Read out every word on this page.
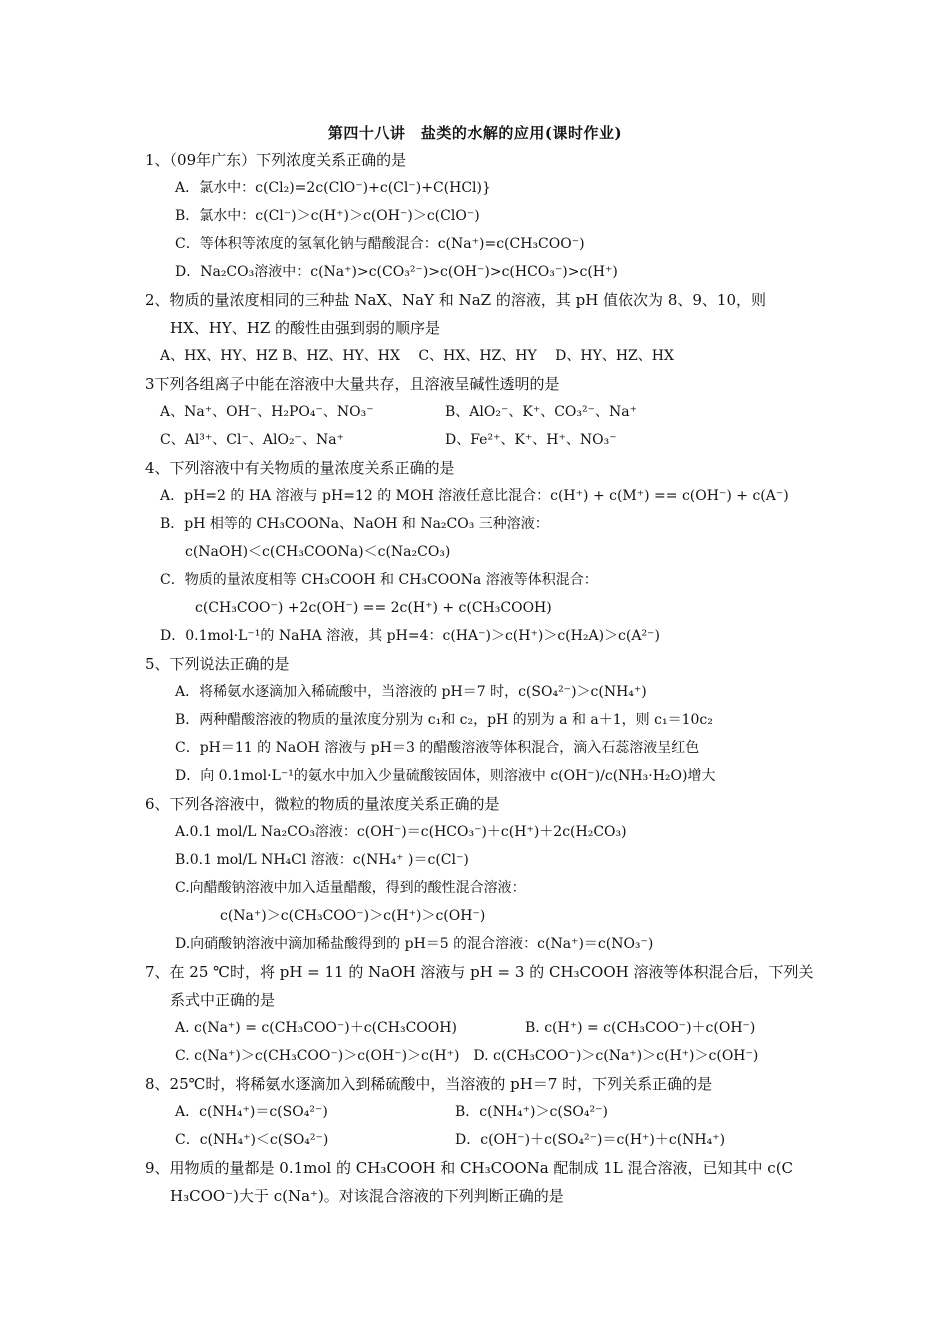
第四十八讲　盐类的水解的应用(课时作业)
1、（09年广东）下列浓度关系正确的是
A．氯水中：c(Cl₂)=2c(ClO⁻)+c(Cl⁻)+C(HCl)}
B．氯水中：c(Cl⁻)＞c(H⁺)＞c(OH⁻)＞c(ClO⁻)
C．等体积等浓度的氢氧化钠与醋酸混合：c(Na⁺)=c(CH₃COO⁻)
D．Na₂CO₃溶液中：c(Na⁺)>c(CO₃²⁻)>c(OH⁻)>c(HCO₃⁻)>c(H⁺)
2、物质的量浓度相同的三种盐 NaX、NaY 和 NaZ 的溶液，其 pH 值依次为 8、9、10，则
HX、HY、HZ 的酸性由强到弱的顺序是
A、HX、HY、HZ B、HZ、HY、HX　 C、HX、HZ、HY　 D、HY、HZ、HX
3下列各组离子中能在溶液中大量共存，且溶液呈碱性透明的是
A、Na⁺、OH⁻、H₂PO₄⁻、NO₃⁻	B、AlO₂⁻、K⁺、CO₃²⁻、Na⁺
C、Al³⁺、Cl⁻、AlO₂⁻、Na⁺	D、Fe²⁺、K⁺、H⁺、NO₃⁻
4、下列溶液中有关物质的量浓度关系正确的是
A．pH=2 的 HA 溶液与 pH=12 的 MOH 溶液任意比混合：c(H⁺) + c(M⁺) == c(OH⁻) + c(A⁻)
B．pH 相等的 CH₃COONa、NaOH 和 Na₂CO₃ 三种溶液：
c(NaOH)＜c(CH₃COONa)＜c(Na₂CO₃)
C．物质的量浓度相等 CH₃COOH 和 CH₃COONa 溶液等体积混合：
c(CH₃COO⁻) +2c(OH⁻) == 2c(H⁺) + c(CH₃COOH)
D．0.1mol·L⁻¹的 NaHA 溶液，其 pH=4：c(HA⁻)＞c(H⁺)＞c(H₂A)＞c(A²⁻)
5、下列说法正确的是
A．将稀氨水逐滴加入稀硫酸中，当溶液的 pH＝7 时，c(SO₄²⁻)＞c(NH₄⁺)
B．两种醋酸溶液的物质的量浓度分别为 c₁和 c₂，pH 的别为 a 和 a＋1，则 c₁＝10c₂
C．pH＝11 的 NaOH 溶液与 pH＝3 的醋酸溶液等体积混合，滴入石蕊溶液呈红色
D．向 0.1mol·L⁻¹的氨水中加入少量硫酸铵固体，则溶液中 c(OH⁻)/c(NH₃·H₂O)增大
6、下列各溶液中，微粒的物质的量浓度关系正确的是
A.0.1 mol/L Na₂CO₃溶液：c(OH⁻)＝c(HCO₃⁻)＋c(H⁺)＋2c(H₂CO₃)
B.0.1 mol/L NH₄Cl 溶液：c(NH₄⁺ )＝c(Cl⁻)
C.向醋酸钠溶液中加入适量醋酸，得到的酸性混合溶液：
c(Na⁺)＞c(CH₃COO⁻)＞c(H⁺)＞c(OH⁻)
D.向硝酸钠溶液中滴加稀盐酸得到的 pH＝5 的混合溶液：c(Na⁺)＝c(NO₃⁻)
7、在 25 ℃时，将 pH = 11 的 NaOH 溶液与 pH = 3 的 CH₃COOH 溶液等体积混合后，下列关
系式中正确的是
A. c(Na⁺) = c(CH₃COO⁻)＋c(CH₃COOH)	B. c(H⁺) = c(CH₃COO⁻)＋c(OH⁻)
C. c(Na⁺)＞c(CH₃COO⁻)＞c(OH⁻)＞c(H⁺)　D. c(CH₃COO⁻)＞c(Na⁺)＞c(H⁺)＞c(OH⁻)
8、25℃时，将稀氨水逐滴加入到稀硫酸中，当溶液的 pH＝7 时，下列关系正确的是
A．c(NH₄⁺)＝c(SO₄²⁻)	B．c(NH₄⁺)＞c(SO₄²⁻)
C．c(NH₄⁺)＜c(SO₄²⁻)	D．c(OH⁻)＋c(SO₄²⁻)＝c(H⁺)＋c(NH₄⁺)
9、用物质的量都是 0.1mol 的 CH₃COOH 和 CH₃COONa 配制成 1L 混合溶液，已知其中 c(C
H₃COO⁻)大于 c(Na⁺)。对该混合溶液的下列判断正确的是
